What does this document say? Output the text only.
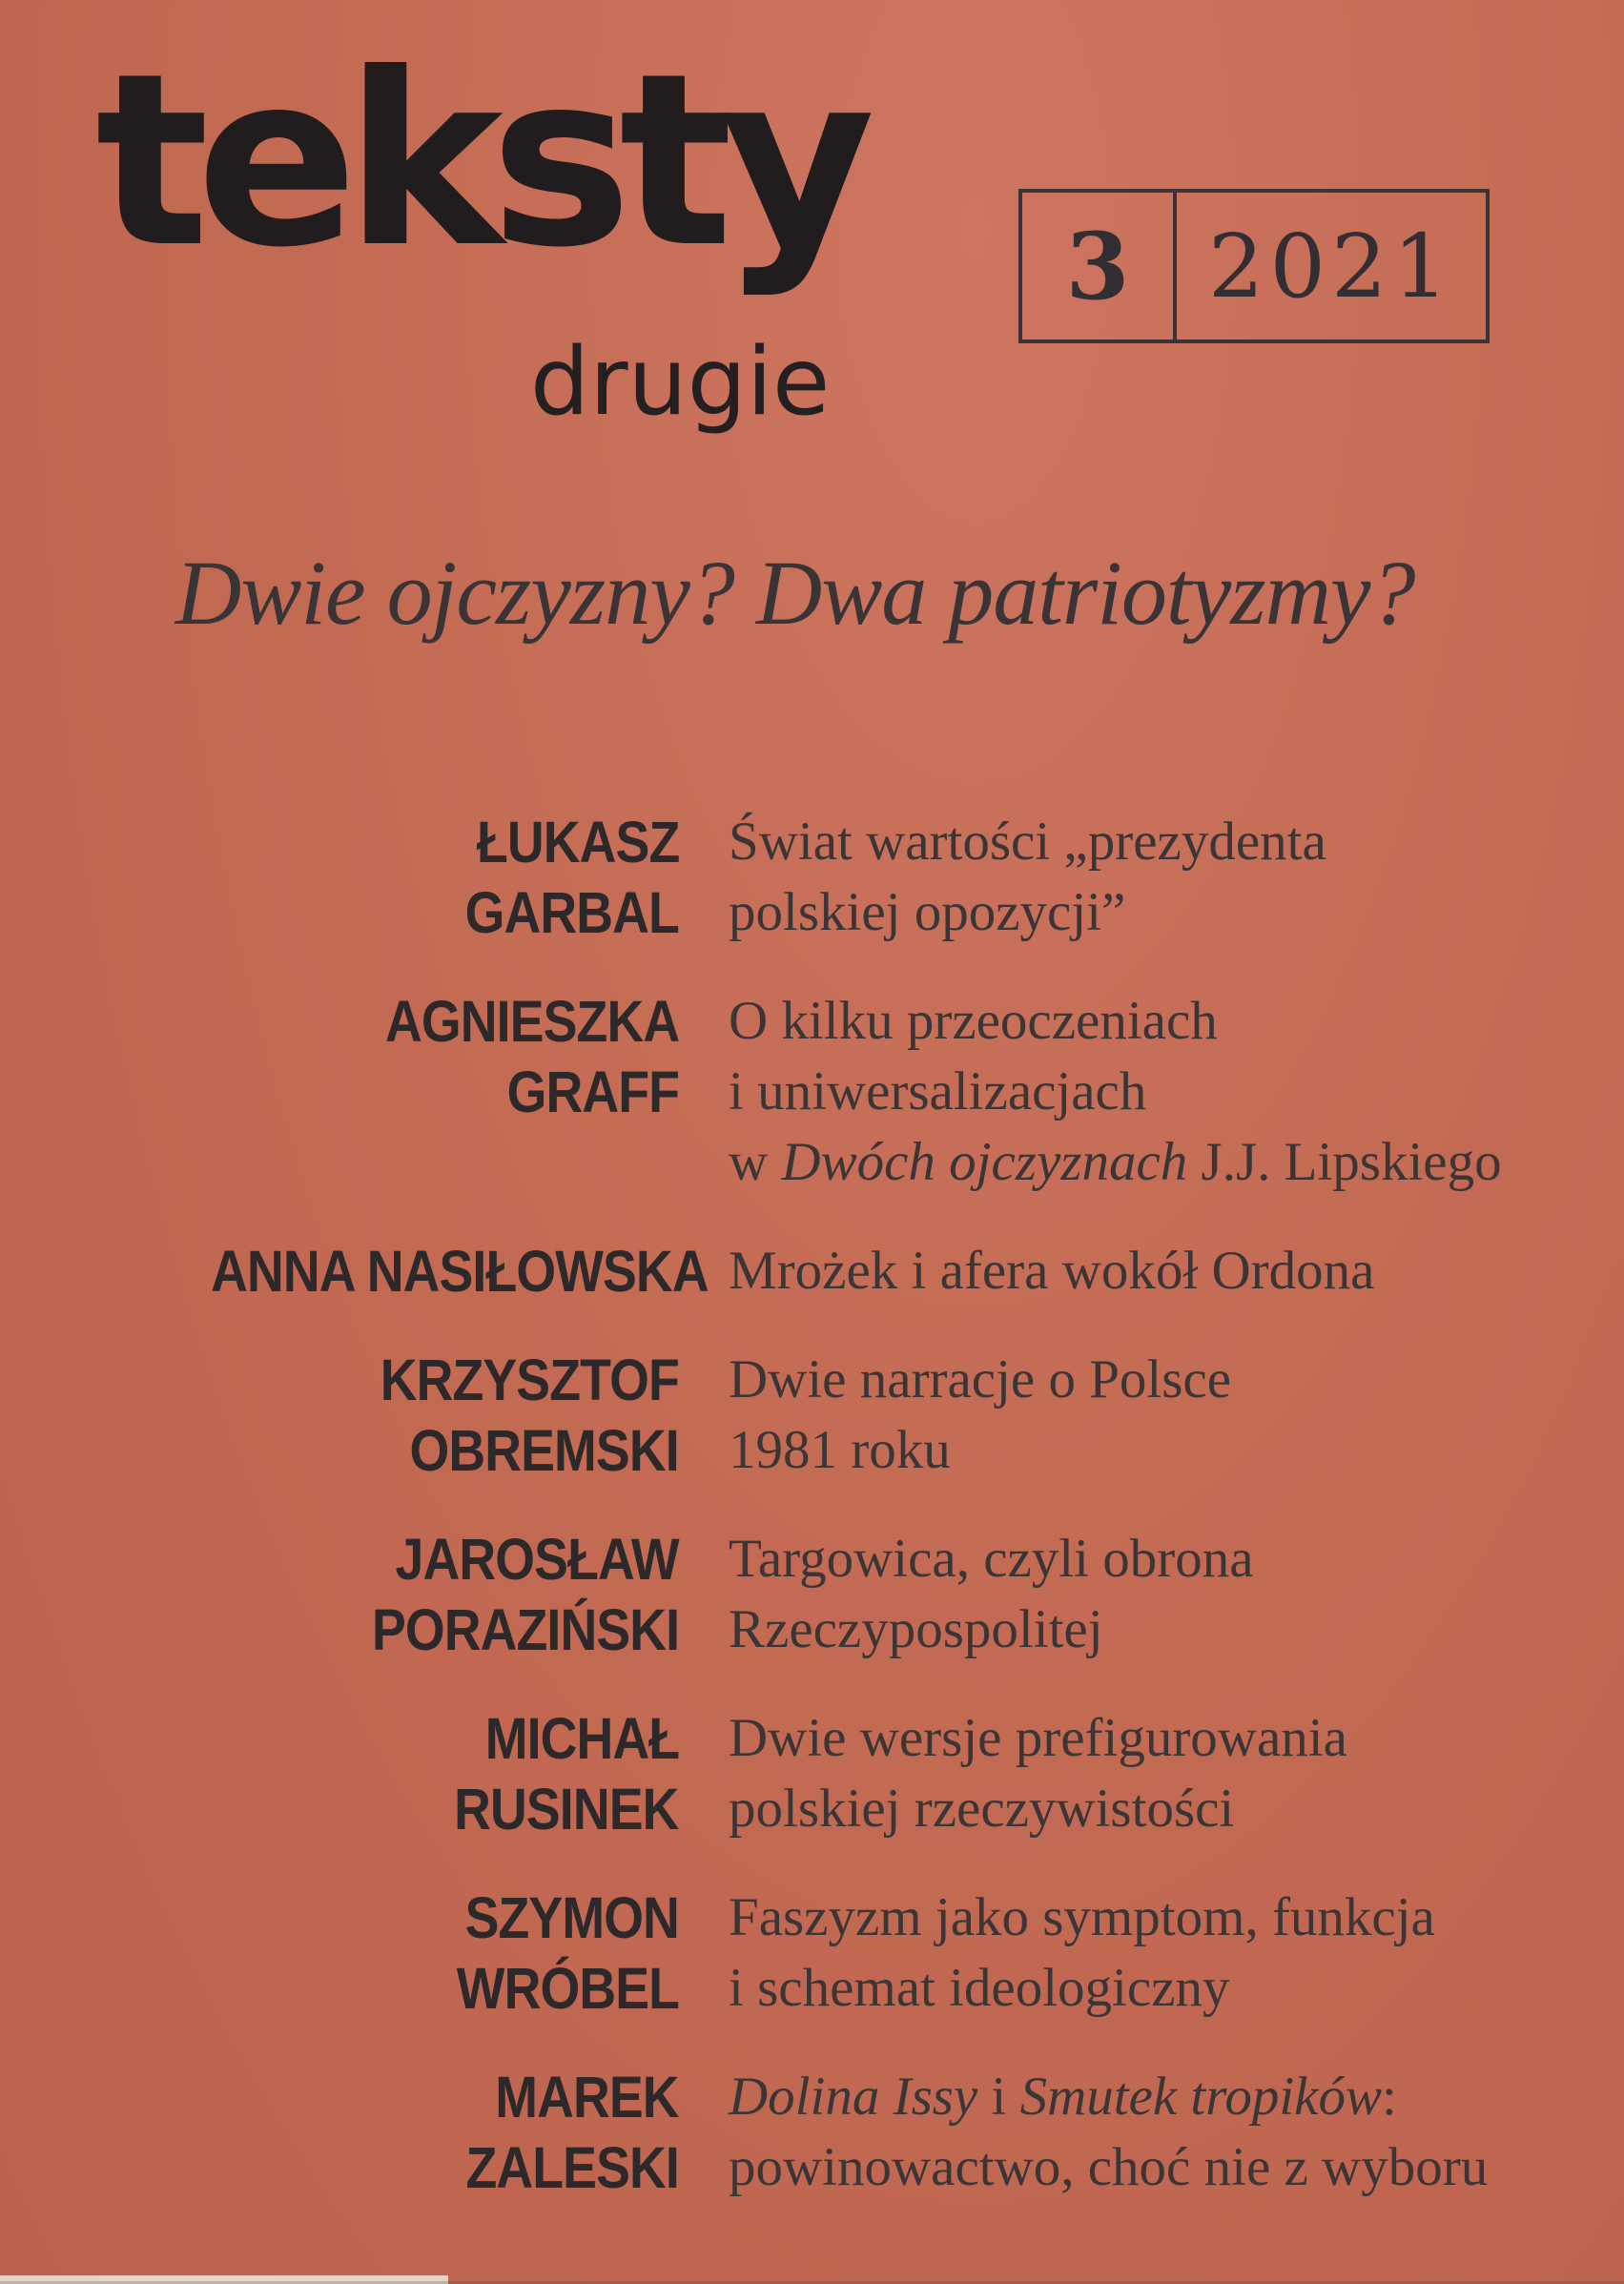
teksty
drugie
3 2021
Dwie ojczyzny? Dwa patriotyzmy?
ŁUKASZ
GARBAL
Świat wartości „prezydenta
polskiej opozycji”
AGNIESZKA
GRAFF
O kilku przeoczeniach
i uniwersalizacjach
w Dwóch ojczyznach J.J. Lipskiego
ANNA NASIŁOWSKA Mrożek i afera wokół Ordona
KRZYSZTOF
OBREMSKI
Dwie narracje o Polsce
1981 roku
JAROSŁAW
PORAZIŃSKI
Targowica, czyli obrona
Rzeczypospolitej
MICHAŁ
RUSINEK
Dwie wersje prefigurowania
polskiej rzeczywistości
SZYMON
WRÓBEL
Faszyzm jako symptom, funkcja
i schemat ideologiczny
MAREK
ZALESKI
Dolina Issy i Smutek tropików:
powinowactwo, choć nie z wyboru
